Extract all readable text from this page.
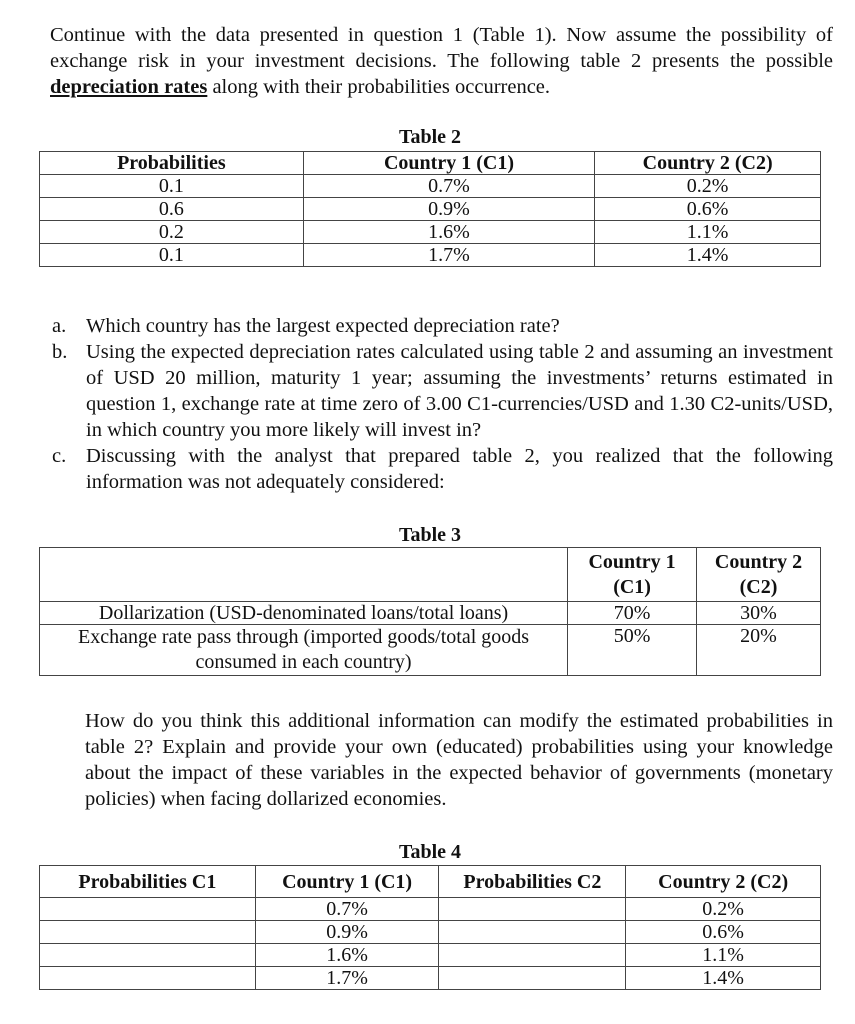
Continue with the data presented in question 1 (Table 1). Now assume the possibility of exchange risk in your investment decisions. The following table 2 presents the possible depreciation rates along with their probabilities occurrence.

Table 2
Probabilities	Country 1 (C1)	Country 2 (C2)
0.1	0.7%	0.2%
0.6	0.9%	0.6%
0.2	1.6%	1.1%
0.1	1.7%	1.4%
a. Which country has the largest expected depreciation rate?
b. Using the expected depreciation rates calculated using table 2 and assuming an investment of USD 20 million, maturity 1 year; assuming the investments’ returns estimated in question 1, exchange rate at time zero of 3.00 C1-currencies/USD and 1.30 C2-units/USD, in which country you more likely will invest in?
c. Discussing with the analyst that prepared table 2, you realized that the following information was not adequately considered:
Table 3
	Country 1 (C1)	Country 2 (C2)
Dollarization (USD-denominated loans/total loans)	70%	30%
Exchange rate pass through (imported goods/total goods consumed in each country)	50%	20%

How do you think this additional information can modify the estimated probabilities in table 2? Explain and provide your own (educated) probabilities using your knowledge about the impact of these variables in the expected behavior of governments (monetary policies) when facing dollarized economies.

Table 4
Probabilities C1	Country 1 (C1)	Probabilities C2	Country 2 (C2)
	0.7%		0.2%
	0.9%		0.6%
	1.6%		1.1%
	1.7%		1.4%
